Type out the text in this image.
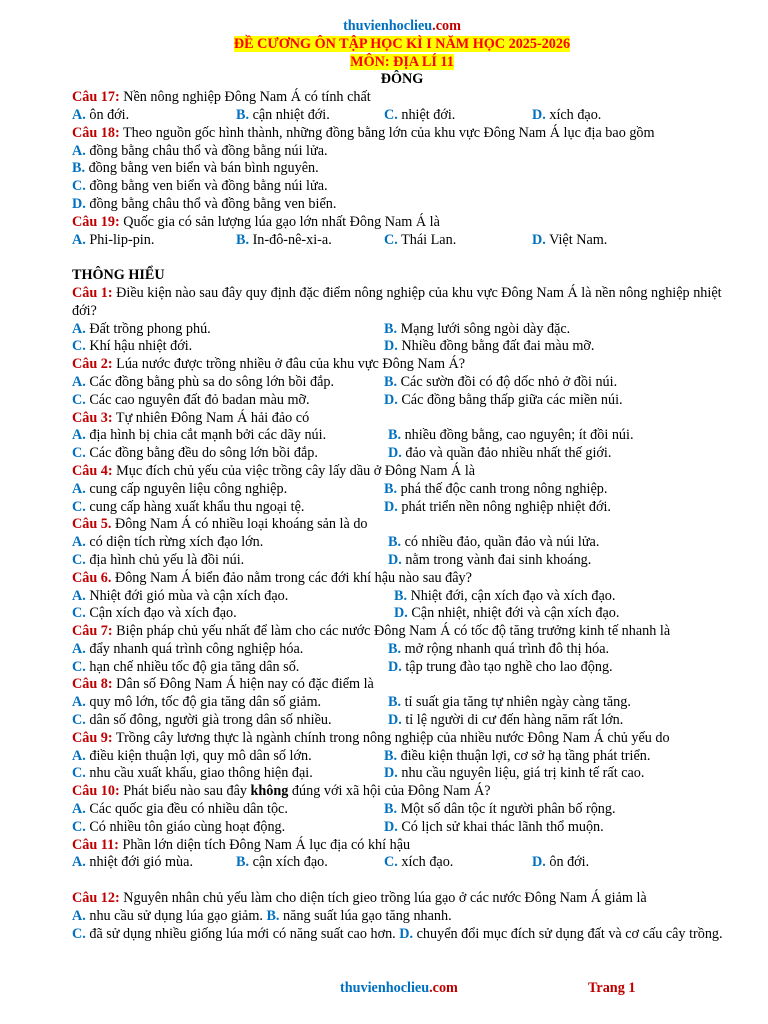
thuvienhoclieu.com
ĐỀ CƯƠNG ÔN TẬP HỌC KÌ I NĂM HỌC 2025-2026
MÔN: ĐỊA LÍ 11
ĐÔNG
Câu 17: Nền nông nghiệp Đông Nam Á có tính chất
A. ôn đới.	B. cận nhiệt đới.	C. nhiệt đới.	D. xích đạo.
Câu 18: Theo nguồn gốc hình thành, những đồng bằng lớn của khu vực Đông Nam Á lục địa bao gồm
A. đồng bằng châu thổ và đồng bằng núi lửa.
B. đồng bằng ven biển và bán bình nguyên.
C. đồng bằng ven biển và đồng bằng núi lửa.
D. đồng bằng châu thổ và đồng bằng ven biển.
Câu 19: Quốc gia có sản lượng lúa gạo lớn nhất Đông Nam Á là
A. Phi-lip-pin.	B. In-đô-nê-xi-a.	C. Thái Lan.	D. Việt Nam.
THÔNG HIỂU
Câu 1: Điều kiện nào sau đây quy định đặc điểm nông nghiệp của khu vực Đông Nam Á là nền nông nghiệp nhiệt đới?
A. Đất trồng phong phú.	B. Mạng lưới sông ngòi dày đặc.
C. Khí hậu nhiệt đới.	D. Nhiều đồng bằng đất đai màu mỡ.
Câu 2: Lúa nước được trồng nhiều ở đâu của khu vực Đông Nam Á?
A. Các đồng bằng phù sa do sông lớn bồi đắp.	B. Các sườn đồi có độ dốc nhỏ ở đồi núi.
C. Các cao nguyên đất đỏ badan màu mỡ.	D. Các đồng bằng thấp giữa các miền núi.
Câu 3: Tự nhiên Đông Nam Á hải đảo có
A. địa hình bị chia cắt mạnh bởi các dãy núi.	B. nhiều đồng bằng, cao nguyên; ít đồi núi.
C. Các đồng bằng đều do sông lớn bồi đắp.	D. đảo và quần đảo nhiều nhất thế giới.
Câu 4: Mục đích chủ yếu của việc trồng cây lấy dầu ở Đông Nam Á là
A. cung cấp nguyên liệu công nghiệp.	B. phá thế độc canh trong nông nghiệp.
C. cung cấp hàng xuất khẩu thu ngoại tệ.	D. phát triển nền nông nghiệp nhiệt đới.
Câu 5. Đông Nam Á có nhiều loại khoáng sản là do
A. có diện tích rừng xích đạo lớn.	B. có nhiều đảo, quần đảo và núi lửa.
C. địa hình chủ yếu là đồi núi.	D. nằm trong vành đai sinh khoáng.
Câu 6. Đông Nam Á biển đảo nằm trong các đới khí hậu nào sau đây?
A. Nhiệt đới gió mùa và cận xích đạo.	B. Nhiệt đới, cận xích đạo và xích đạo.
C. Cận xích đạo và xích đạo.	D. Cận nhiệt, nhiệt đới và cận xích đạo.
Câu 7: Biện pháp chủ yếu nhất để làm cho các nước Đông Nam Á có tốc độ tăng trưởng kinh tế nhanh là
A. đẩy nhanh quá trình công nghiệp hóa.	B. mở rộng nhanh quá trình đô thị hóa.
C. hạn chế nhiều tốc độ gia tăng dân số.	D. tập trung đào tạo nghề cho lao động.
Câu 8: Dân số Đông Nam Á hiện nay có đặc điểm là
A. quy mô lớn, tốc độ gia tăng dân số giảm.	B. tỉ suất gia tăng tự nhiên ngày càng tăng.
C. dân số đông, người già trong dân số nhiều.	D. tỉ lệ người di cư đến hàng năm rất lớn.
Câu 9: Trồng cây lương thực là ngành chính trong nông nghiệp của nhiều nước Đông Nam Á chủ yếu do
A. điều kiện thuận lợi, quy mô dân số lớn.	B. điều kiện thuận lợi, cơ sở hạ tầng phát triển.
C. nhu cầu xuất khẩu, giao thông hiện đại.	D. nhu cầu nguyên liệu, giá trị kinh tế rất cao.
Câu 10: Phát biểu nào sau đây không đúng với xã hội của Đông Nam Á?
A. Các quốc gia đều có nhiều dân tộc.	B. Một số dân tộc ít người phân bố rộng.
C. Có nhiều tôn giáo cùng hoạt động.	D. Có lịch sử khai thác lãnh thổ muộn.
Câu 11: Phần lớn diện tích Đông Nam Á lục địa có khí hậu
A. nhiệt đới gió mùa.	B. cận xích đạo.	C. xích đạo.	D. ôn đới.
Câu 12: Nguyên nhân chủ yếu làm cho diện tích gieo trồng lúa gạo ở các nước Đông Nam Á giảm là
A. nhu cầu sử dụng lúa gạo giảm. B. năng suất lúa gạo tăng nhanh.
C. đã sử dụng nhiều giống lúa mới có năng suất cao hơn. D. chuyển đổi mục đích sử dụng đất và cơ cấu cây trồng.
thuvienhoclieu.com	Trang 1
